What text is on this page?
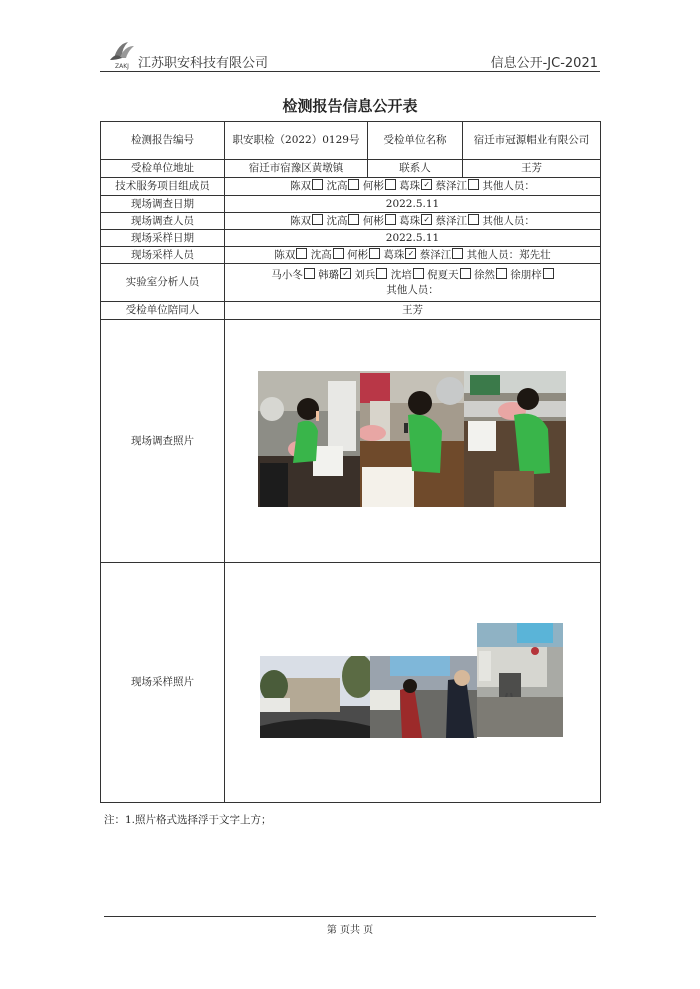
ZAKJ 江苏职安科技有限公司	信息公开-JC-2021
检测报告信息公开表
检测报告编号	职安职检（2022）0129号	受检单位名称	宿迁市冠源帽业有限公司
受检单位地址	宿迁市宿豫区黄墩镇	联系人	王芳
技术服务项目组成员	陈双 沈高 何彬 葛珠 ✓ 蔡泽江 其他人员：
现场调查日期	2022.5.11		
现场调查人员	陈双 沈高 何彬 葛珠 ✓ 蔡泽江 其他人员：
现场采样日期	2022.5.11		
现场采样人员	陈双 沈高 何彬 葛珠 ✓ 蔡泽江 其他人员：郑先壮
实验室分析人员	马小冬 韩璐 ✓ 刘兵 沈培 倪夏天 徐然 徐朋梓
其他人员：
受检单位陪同人	王芳		
现场调查照片	

现场采样照片	
注：1.照片格式选择浮于文字上方；
第 页共 页
